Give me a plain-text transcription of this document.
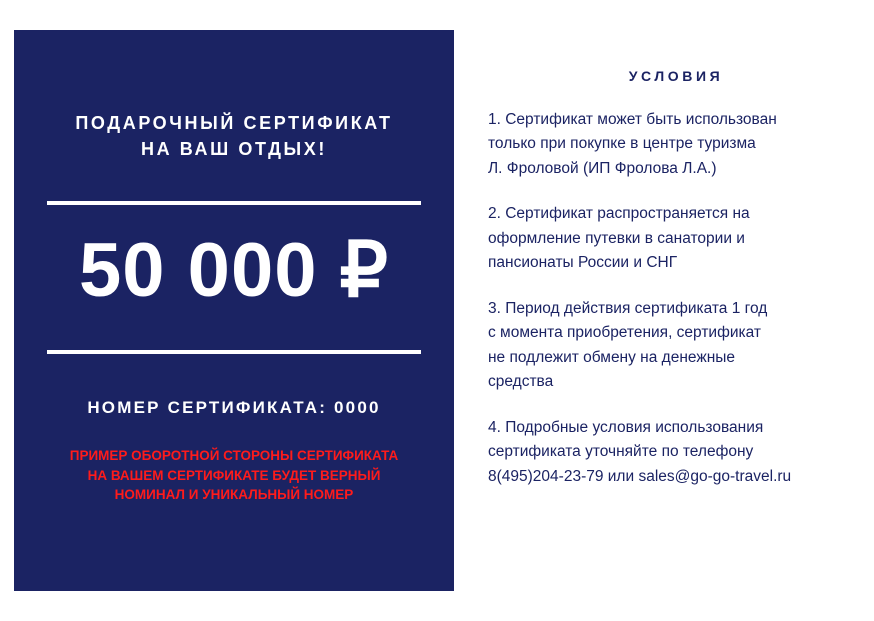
ПОДАРОЧНЫЙ СЕРТИФИКАТ
НА ВАШ ОТДЫХ!
50 000 ₽
НОМЕР СЕРТИФИКАТА: 0000
ПРИМЕР ОБОРОТНОЙ СТОРОНЫ СЕРТИФИКАТА
НА ВАШЕМ СЕРТИФИКАТЕ БУДЕТ ВЕРНЫЙ
НОМИНАЛ И УНИКАЛЬНЫЙ НОМЕР
УСЛОВИЯ
1. Сертификат может быть использован
только при покупке в центре туризма
Л. Фроловой (ИП Фролова Л.А.)
2. Сертификат распространяется на
оформление путевки в санатории и
пансионаты России и СНГ
3. Период действия сертификата 1 год
с момента приобретения, сертификат
не подлежит обмену на денежные
средства
4. Подробные условия использования
сертификата уточняйте по телефону
8(495)204-23-79 или sales@go-go-travel.ru
